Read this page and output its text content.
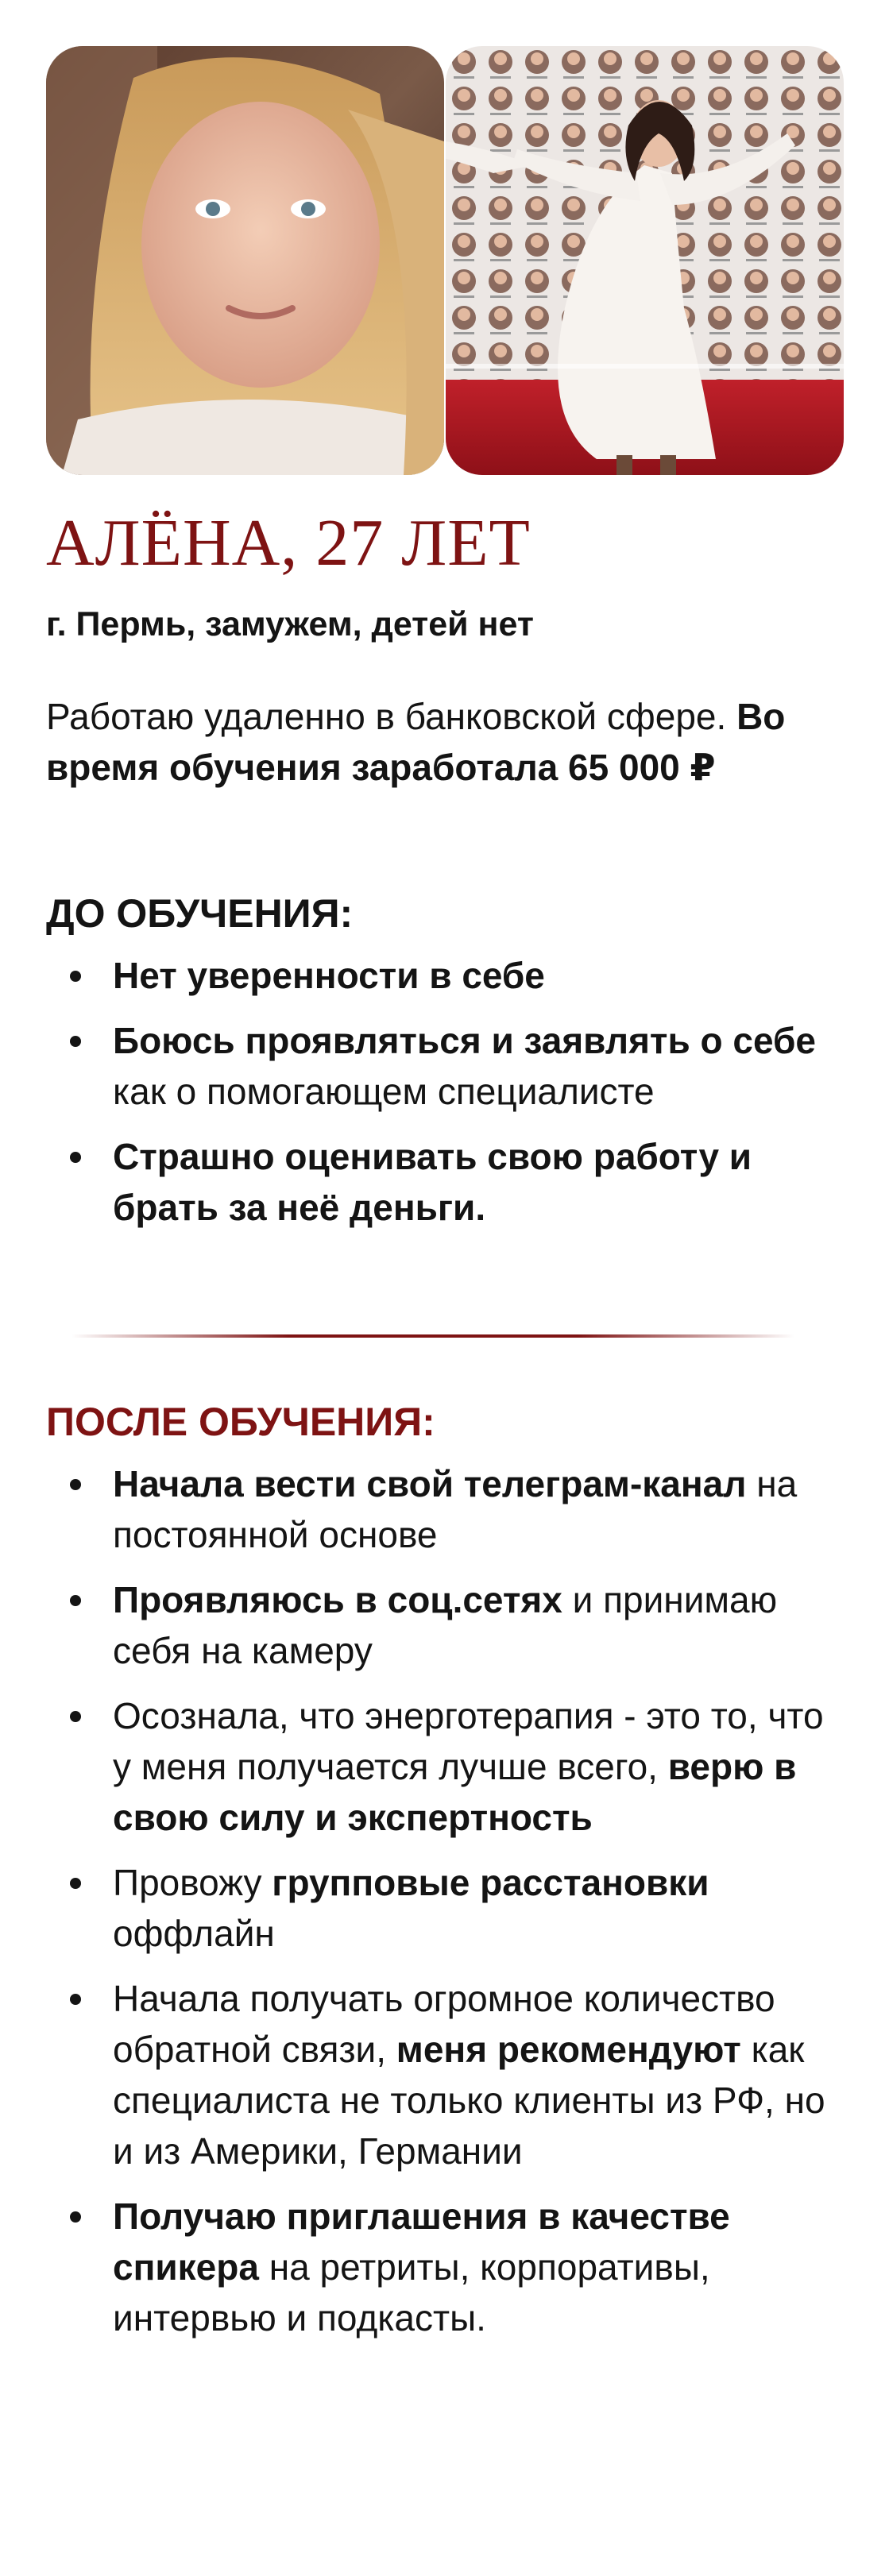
АЛЁНА, 27 ЛЕТ

г. Пермь, замужем, детей нет

Работаю удаленно в банковской сфере. Во время обучения заработала 65 000 ₽

ДО ОБУЧЕНИЯ:
Нет уверенности в себе
Боюсь проявляться и заявлять о себе как о помогающем специалисте
Страшно оценивать свою работу и брать за неё деньги.
ПОСЛЕ ОБУЧЕНИЯ:
Начала вести свой телеграм-канал на постоянной основе
Проявляюсь в соц.сетях и принимаю себя на камеру
Осознала, что энерготерапия - это то, что у меня получается лучше всего, верю в свою силу и экспертность
Провожу групповые расстановки оффлайн
Начала получать огромное количество обратной связи, меня рекомендуют как специалиста не только клиенты из РФ, но и из Америки, Германии
Получаю приглашения в качестве спикера на ретриты, корпоративы, интервью и подкасты.
